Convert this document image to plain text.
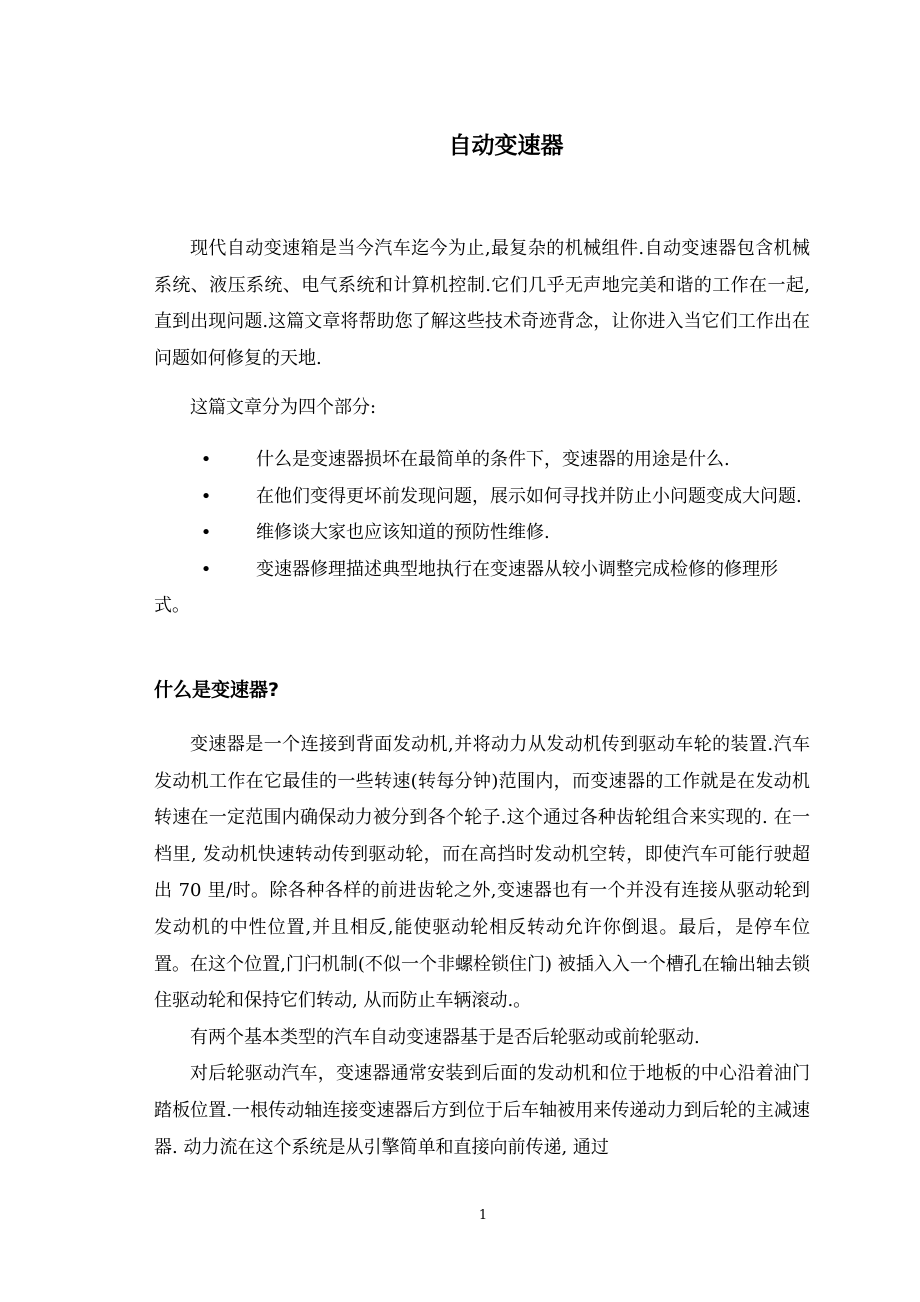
自动变速器

现代自动变速箱是当今汽车迄今为止,最复杂的机械组件.自动变速器包含机械系统、液压系统、电气系统和计算机控制.它们几乎无声地完美和谐的工作在一起,直到出现问题.这篇文章将帮助您了解这些技术奇迹背念，让你进入当它们工作出在问题如何修复的天地.

这篇文章分为四个部分:

• 什么是变速器损坏在最简单的条件下，变速器的用途是什么.
• 在他们变得更坏前发现问题，展示如何寻找并防止小问题变成大问题.
• 维修谈大家也应该知道的预防性维修.
• 变速器修理描述典型地执行在变速器从较小调整完成检修的修理形式。
什么是变速器?

变速器是一个连接到背面发动机,并将动力从发动机传到驱动车轮的装置.汽车发动机工作在它最佳的一些转速(转每分钟)范围内，而变速器的工作就是在发动机转速在一定范围内确保动力被分到各个轮子.这个通过各种齿轮组合来实现的. 在一档里, 发动机快速转动传到驱动轮，而在高挡时发动机空转，即使汽车可能行驶超出 70 里/时。除各种各样的前进齿轮之外,变速器也有一个并没有连接从驱动轮到发动机的中性位置,并且相反,能使驱动轮相反转动允许你倒退。最后，是停车位置。在这个位置,门闩机制(不似一个非螺栓锁住门) 被插入入一个槽孔在输出轴去锁住驱动轮和保持它们转动, 从而防止车辆滚动.。

有两个基本类型的汽车自动变速器基于是否后轮驱动或前轮驱动.

对后轮驱动汽车，变速器通常安装到后面的发动机和位于地板的中心沿着油门踏板位置.一根传动轴连接变速器后方到位于后车轴被用来传递动力到后轮的主减速器. 动力流在这个系统是从引擎简单和直接向前传递, 通过

1
